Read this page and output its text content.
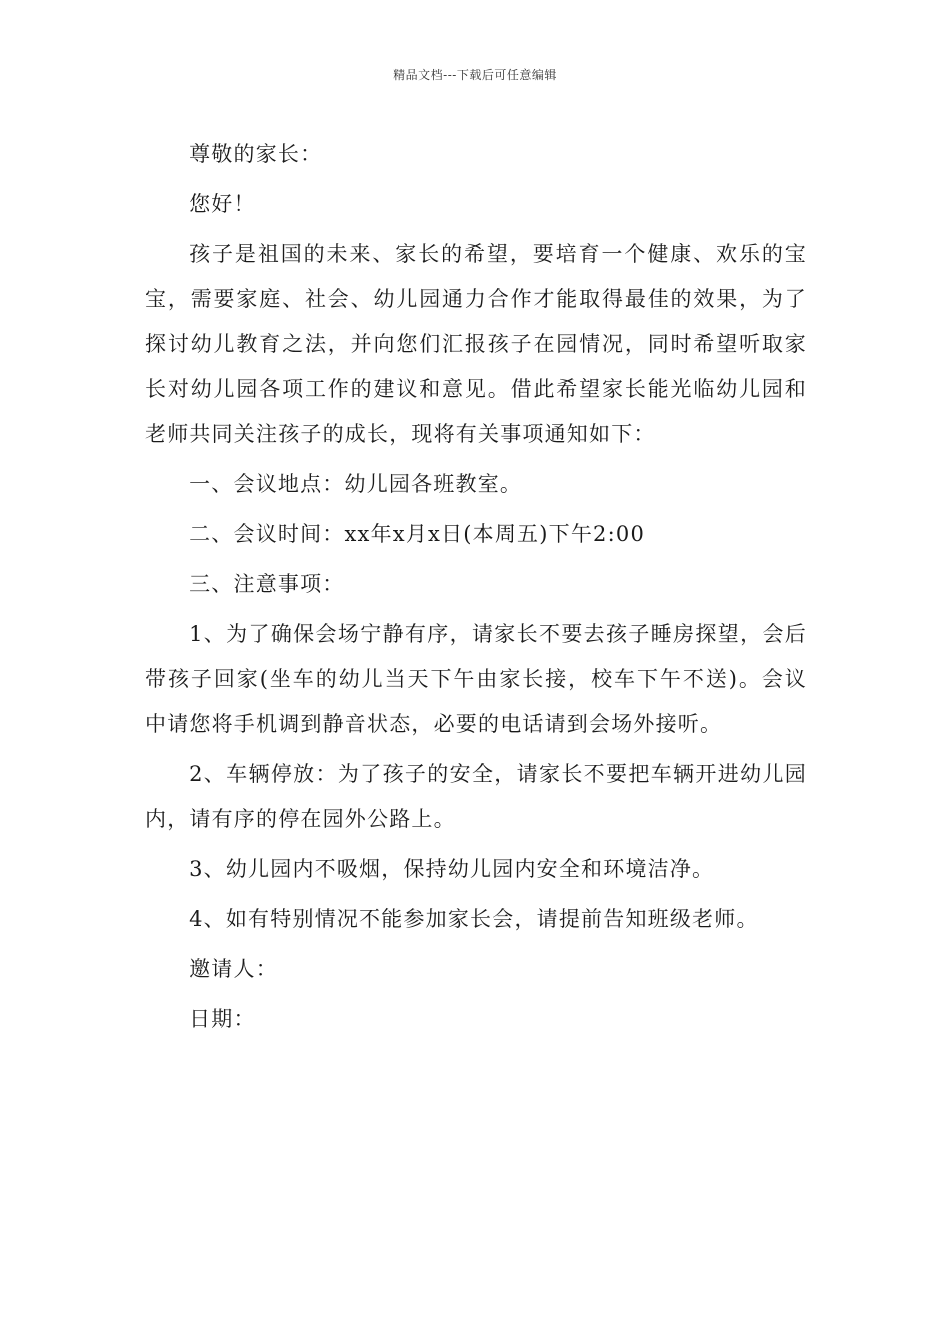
精品文档---下载后可任意编辑

尊敬的家长：

您好！

孩子是祖国的未来、家长的希望，要培育一个健康、欢乐的宝宝，需要家庭、社会、幼儿园通力合作才能取得最佳的效果，为了探讨幼儿教育之法，并向您们汇报孩子在园情况，同时希望听取家长对幼儿园各项工作的建议和意见。借此希望家长能光临幼儿园和老师共同关注孩子的成长，现将有关事项通知如下：

一、会议地点：幼儿园各班教室。

二、会议时间：xx年x月x日(本周五)下午2:00

三、注意事项：

1、为了确保会场宁静有序，请家长不要去孩子睡房探望，会后带孩子回家(坐车的幼儿当天下午由家长接，校车下午不送)。会议中请您将手机调到静音状态，必要的电话请到会场外接听。

2、车辆停放：为了孩子的安全，请家长不要把车辆开进幼儿园内，请有序的停在园外公路上。

3、幼儿园内不吸烟，保持幼儿园内安全和环境洁净。

4、如有特别情况不能参加家长会，请提前告知班级老师。

邀请人：

日期：
